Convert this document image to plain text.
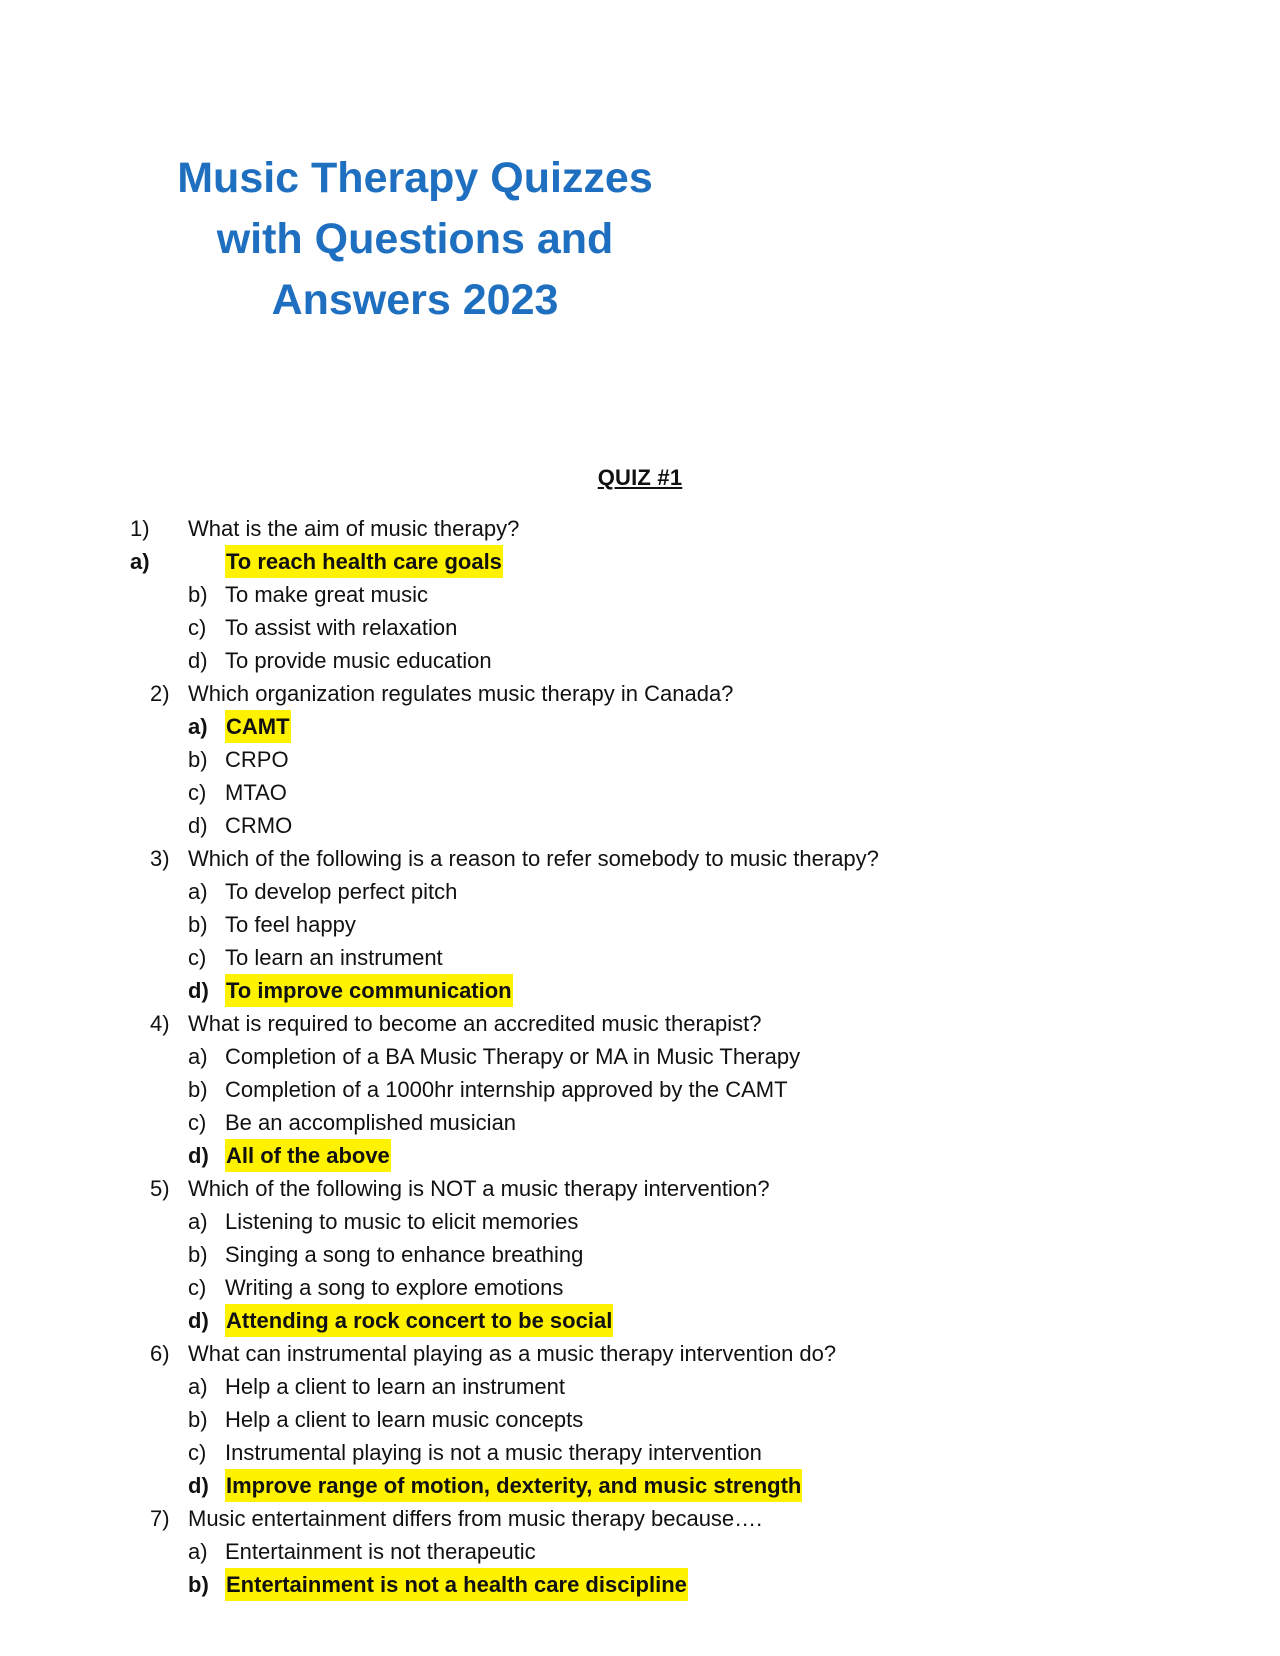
Music Therapy Quizzes
with Questions and
Answers 2023
QUIZ #1
1) What is the aim of music therapy?
a)	To reach health care goals
b) To make great music
c) To assist with relaxation
d) To provide music education
2) Which organization regulates music therapy in Canada?
a) CAMT
b) CRPO
c) MTAO
d) CRMO
3) Which of the following is a reason to refer somebody to music therapy?
a) To develop perfect pitch
b) To feel happy
c) To learn an instrument
d) To improve communication
4) What is required to become an accredited music therapist?
a) Completion of a BA Music Therapy or MA in Music Therapy
b) Completion of a 1000hr internship approved by the CAMT
c) Be an accomplished musician
d) All of the above
5) Which of the following is NOT a music therapy intervention?
a) Listening to music to elicit memories
b) Singing a song to enhance breathing
c) Writing a song to explore emotions
d) Attending a rock concert to be social
6) What can instrumental playing as a music therapy intervention do?
a) Help a client to learn an instrument
b) Help a client to learn music concepts
c) Instrumental playing is not a music therapy intervention
d) Improve range of motion, dexterity, and music strength
7) Music entertainment differs from music therapy because….
a) Entertainment is not therapeutic
b) Entertainment is not a health care discipline
